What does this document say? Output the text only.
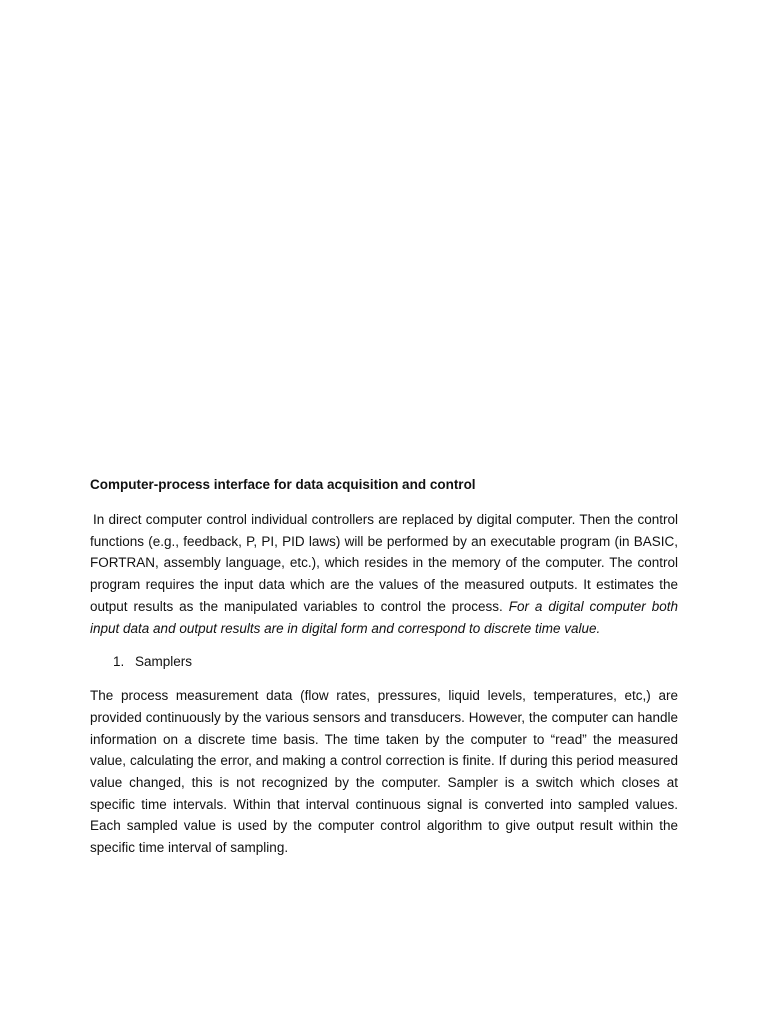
Computer-process interface for data acquisition and control

In direct computer control individual controllers are replaced by digital computer. Then the control functions (e.g., feedback, P, PI, PID laws) will be performed by an executable program (in BASIC, FORTRAN, assembly language, etc.), which resides in the memory of the computer. The control program requires the input data which are the values of the measured outputs. It estimates the output results as the manipulated variables to control the process. For a digital computer both input data and output results are in digital form and correspond to discrete time value.

1. Samplers

The process measurement data (flow rates, pressures, liquid levels, temperatures, etc,) are provided continuously by the various sensors and transducers. However, the computer can handle information on a discrete time basis. The time taken by the computer to “read” the measured value, calculating the error, and making a control correction is finite. If during this period measured value changed, this is not recognized by the computer. Sampler is a switch which closes at specific time intervals. Within that interval continuous signal is converted into sampled values. Each sampled value is used by the computer control algorithm to give output result within the specific time interval of sampling.
